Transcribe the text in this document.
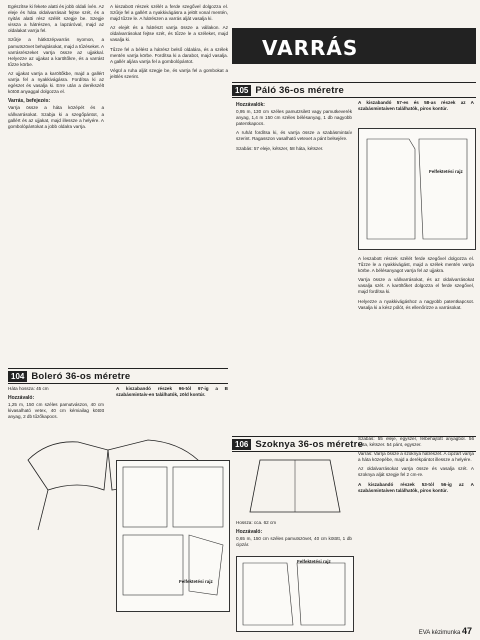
VARRÁS

Egészítse ki fekete alatti és jobb oldali ívén. Az eleje és háta oldalvarrásait fejtse szét, és a nyitás alatti rész szélét szegje be. Szegje vissza a hátrészen, a lapzáróval, majd az oldalakat varrja fel.

Szűrje a hátközépvarrás nyomon, a pamutszövet behajtásokat, majd a tűzéseket. A varrásrészeket varrja össze az ujjakkal. Helyezze az ujjakat a karöltőkre, és a varrást tűzze körbe.

Az ujjakat varrja a karöltőkbe, majd a gallért varrja fel a nyakkivágásra. Fordítsa ki az egészet és vasalja ki. Erre után a derékszélt kötött anyaggal dolgozza el.

Varrás, befejezés:

Varrja össze a háta középét és a vállvarrásokat. Szabja ki a szegőpántot, a gallért és az ujjakat, majd illessze a helyére. A gombolópántokat a jobb oldalra varrja.

A kiszabott részek szélét a ferde szegővel dolgozza el. Szűrje fel a gallért a nyakkivágásra a jelölt vonal mentén, majd tűzze le. A hátrészen a varrás alját vasalja ki.

Az elejét és a hátrészt varrja össze a vállakon. Az oldalvarrásokat fejtse szét, és tűzze le a széleket, majd vasalja ki.

Tűzze fel a bélést a hátrész belső oldalára, és a szélek mentén varrja körbe. Fordítsa ki a darabot, majd vasalja. A gallér aljára varrja fel a gombolópántot.

Végül a ruha alját szegje be, és varrja fel a gombokat a jelölés szerint.

104 Boleró 36-os méretre

Háta hossza: 45 cm

Hozzávaló:

1,25 m, 150 cm széles pamutvászon, 40 cm kivasalható vetex, 40 cm kémiailag kötött anyag, 2 db tűzőkapocs.

A kiszabandó részek 96-tól 97-ig a B szabásmintaív-en találhatók, zöld kontúr.

Felfektetési rajz
105 Páló 36-os méretre
Hozzávalók:

0,95 m, 130 cm széles pamutzsilett vagy pamutkeverék anyag, 1,4 m 150 cm széles bélésanyag, 1 db nagyobb patentkapocs.

A ruhát fordítsa ki, és varrja össze a szabásmintaív szerint. Ragasszon vasalható vetexet a pánt belsejére.

Szabás: 57 eleje, kétszer, 58 háta, kétszer.

A kiszabandó 57-es és 58-as részek az A szabásmintaíven találhatók, piros kontúr.

Felfektetési rajz

A leszabott részek szélét ferde szegővel dolgozza el. Tűzze le a nyakkivágást, majd a szélek mentén varrja körbe. A bélésanyagot varrja fel az ujjakra.

Varrja össze a vállvarrásokat, és az oldalvarrásokat vasalja szét. A karöltőket dolgozza el ferde szegővel, majd fordítsa ki.

Helyezze a nyakkivágáshoz a nagyobb patentkapcsot. Vasalja ki a kész pólót, és ellenőrizze a varrásokat.

106 Szoknya 36-os méretre

Hossza: cca. 62 cm

Hozzávaló:

0,65 m, 150 cm széles pamutszövet, 40 cm kötött, 1 db cipzár.

Felfektetési rajz

Szabás: 55 eleje, egyszer, félbehajtott anyagból. 56 háta, kétszer. 54 pánt, egyszer.

Varrás: Varrja össze a szoknya hátrészét. A cipzárt varrja a háta közepébe, majd a derékpántot illessze a helyére.

Az oldalvarrásokat varrja össze és vasalja szét. A szoknya alját szegje fel 2 cm-re.

A kiszabandó részek 53-tól 56-ig az A szabásmintaíven találhatók, piros kontúr.

EVA kézimunka 47
